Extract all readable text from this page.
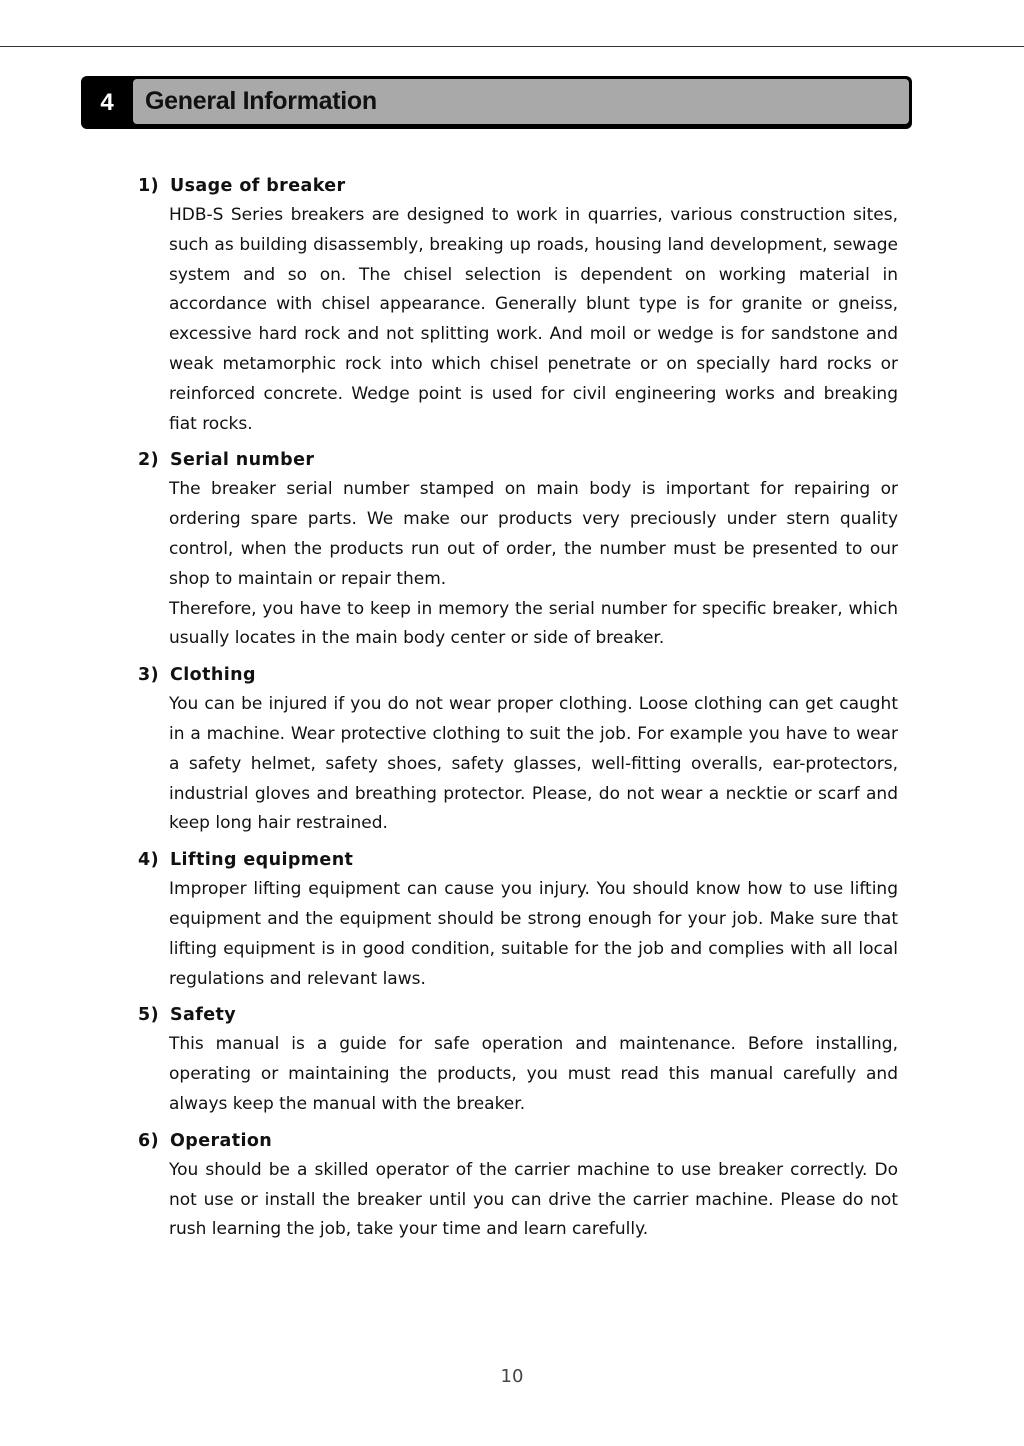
4	General Information
1) Usage of breaker

HDB-S Series breakers are designed to work in quarries, various construction sites, such as building disassembly, breaking up roads, housing land development, sewage system and so on. The chisel selection is dependent on working material in accordance with chisel appearance. Generally blunt type is for granite or gneiss, excessive hard rock and not splitting work. And moil or wedge is for sandstone and weak metamorphic rock into which chisel penetrate or on specially hard rocks or reinforced concrete. Wedge point is used for civil engineering works and breaking fiat rocks.

2) Serial number

The breaker serial number stamped on main body is important for repairing or ordering spare parts. We make our products very preciously under stern quality control, when the products run out of order, the number must be presented to our shop to maintain or repair them.

Therefore, you have to keep in memory the serial number for specific breaker, which usually locates in the main body center or side of breaker.

3) Clothing

You can be injured if you do not wear proper clothing. Loose clothing can get caught in a machine. Wear protective clothing to suit the job. For example you have to wear a safety helmet, safety shoes, safety glasses, well-fitting overalls, ear-protectors, industrial gloves and breathing protector. Please, do not wear a necktie or scarf and keep long hair restrained.

4) Lifting equipment

Improper lifting equipment can cause you injury. You should know how to use lifting equipment and the equipment should be strong enough for your job. Make sure that lifting equipment is in good condition, suitable for the job and complies with all local regulations and relevant laws.

5) Safety

This manual is a guide for safe operation and maintenance. Before installing, operating or maintaining the products, you must read this manual carefully and always keep the manual with the breaker.

6) Operation

You should be a skilled operator of the carrier machine to use breaker correctly. Do not use or install the breaker until you can drive the carrier machine. Please do not rush learning the job, take your time and learn carefully.

10
